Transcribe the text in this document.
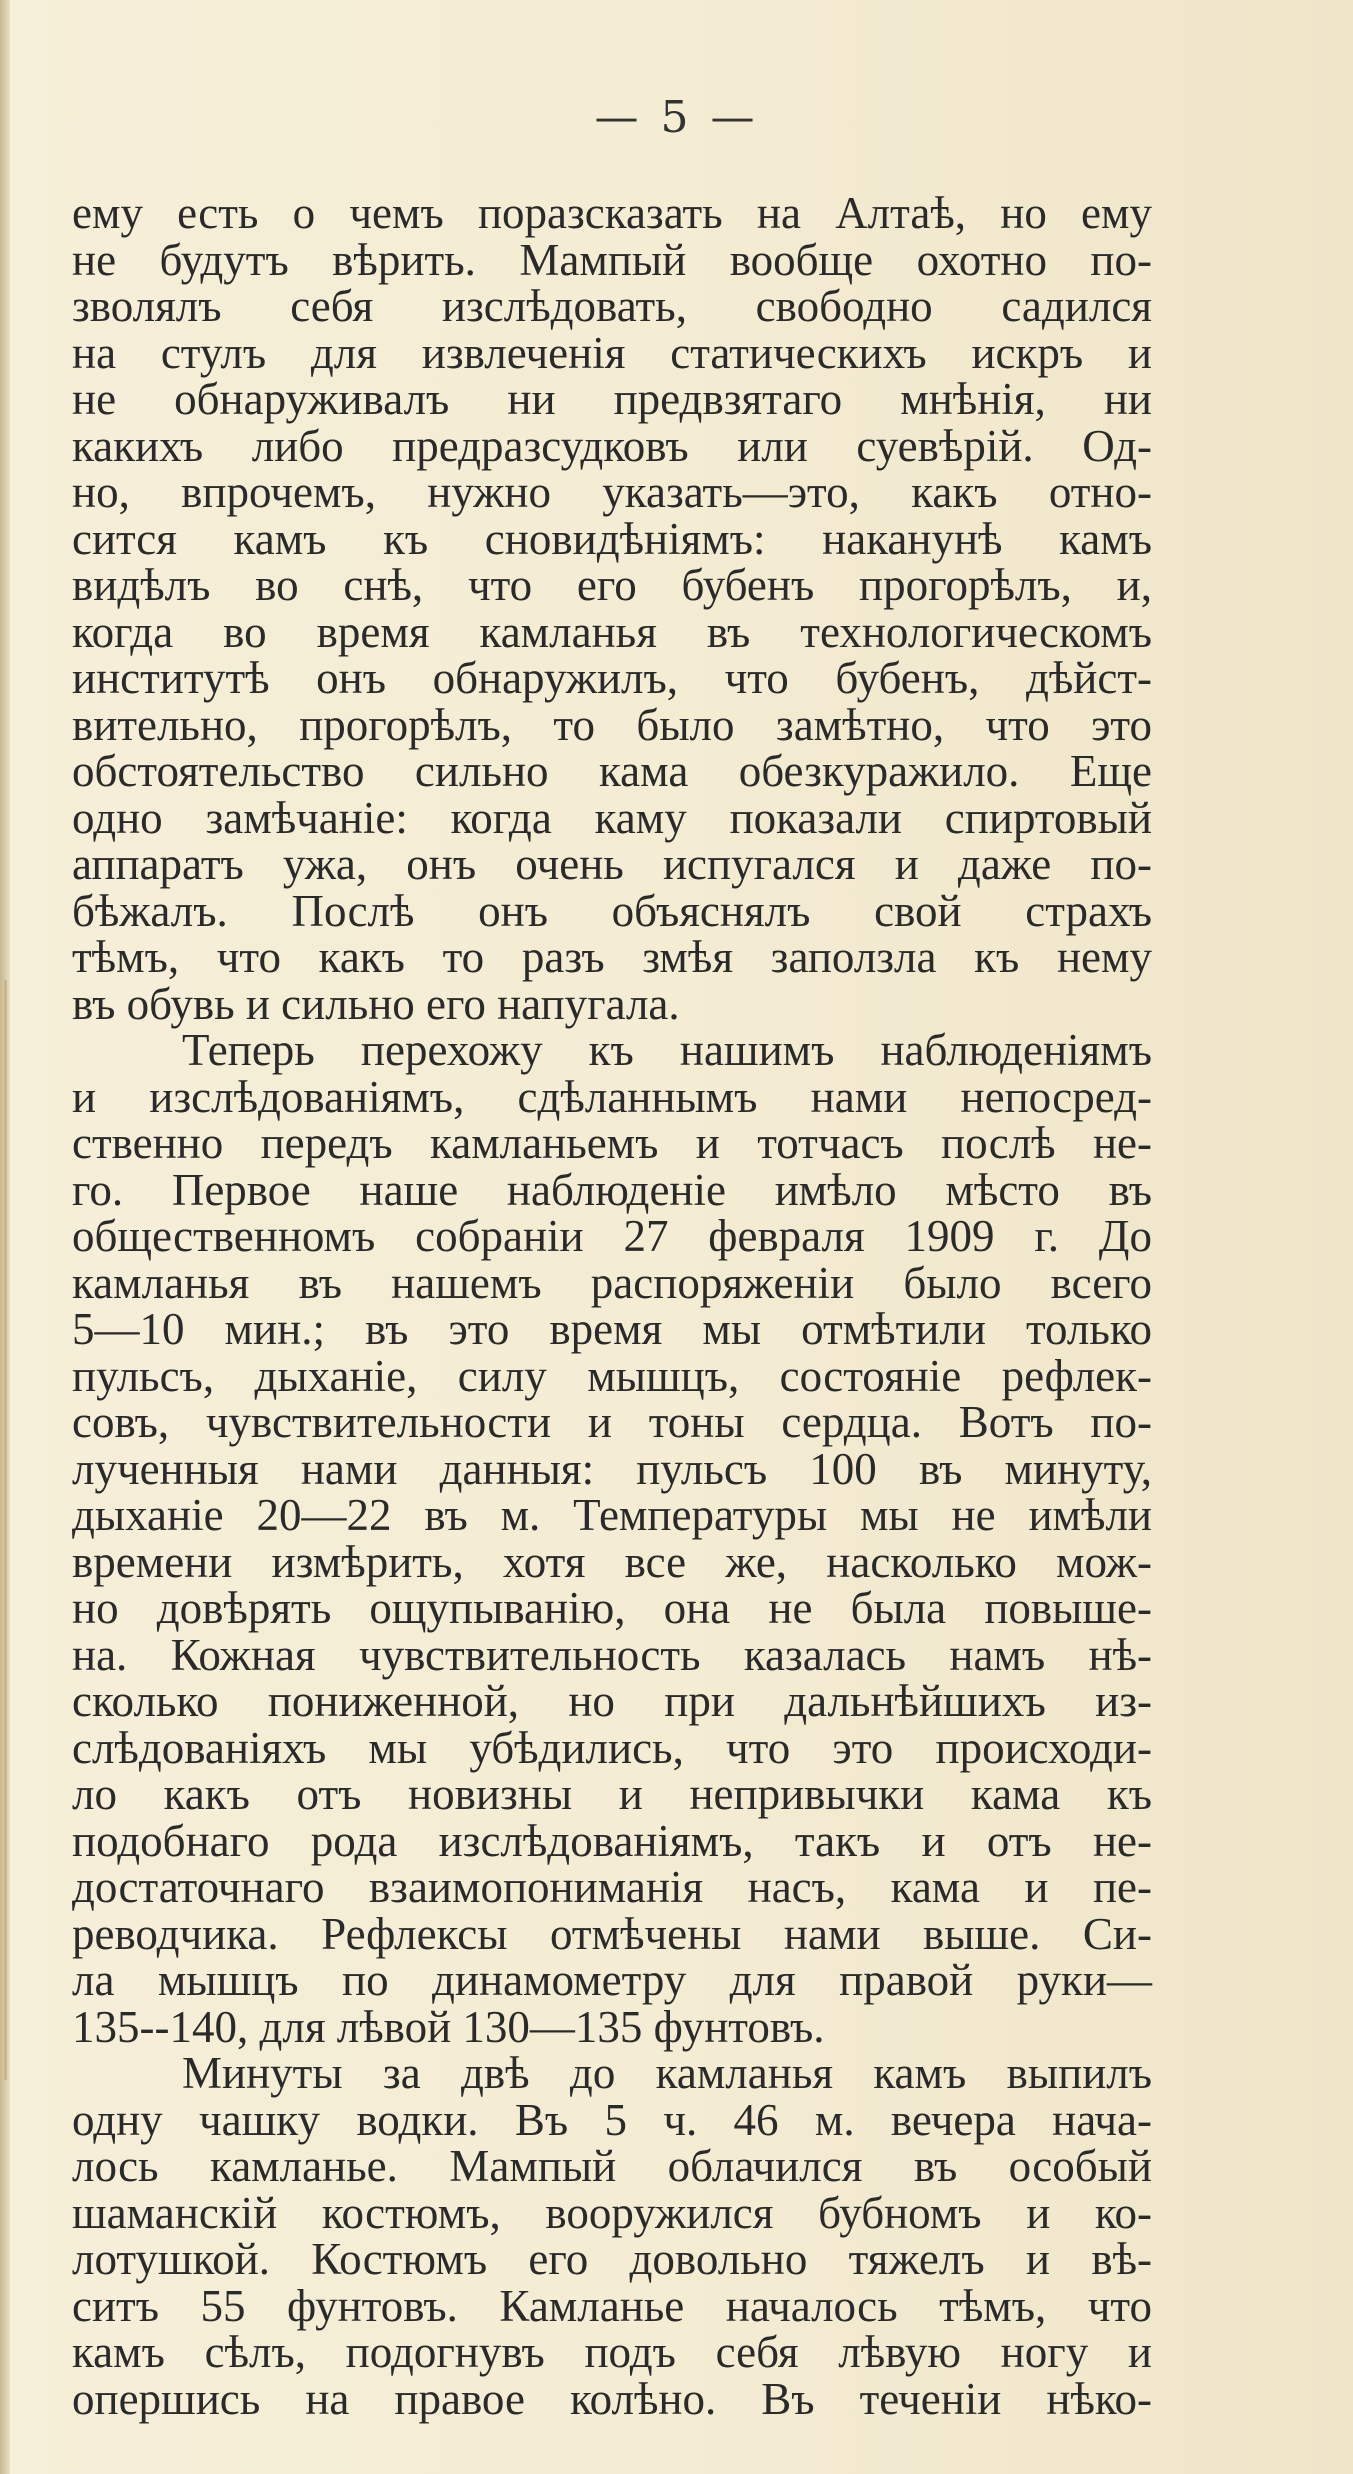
— 5 —
ему есть о чемъ поразсказать на Алтаѣ, но ему
не будутъ вѣрить. Мампый вообще охотно по-
зволялъ себя изслѣдовать, свободно садился
на стулъ для извлеченія статическихъ искръ и
не обнаруживалъ ни предвзятаго мнѣнія, ни
какихъ либо предразсудковъ или суевѣрій. Од-
но, впрочемъ, нужно указать—это, какъ отно-
сится камъ къ сновидѣніямъ: наканунѣ камъ
видѣлъ во снѣ, что его бубенъ прогорѣлъ, и,
когда во время камланья въ технологическомъ
институтѣ онъ обнаружилъ, что бубенъ, дѣйст-
вительно, прогорѣлъ, то было замѣтно, что это
обстоятельство сильно кама обезкуражило. Еще
одно замѣчаніе: когда каму показали спиртовый
аппаратъ ужа, онъ очень испугался и даже по-
бѣжалъ. Послѣ онъ объяснялъ свой страхъ
тѣмъ, что какъ то разъ змѣя заползла къ нему
въ обувь и сильно его напугала.
Теперь перехожу къ нашимъ наблюденіямъ
и изслѣдованіямъ, сдѣланнымъ нами непосред-
ственно передъ камланьемъ и тотчасъ послѣ не-
го. Первое наше наблюденіе имѣло мѣсто въ
общественномъ собраніи 27 февраля 1909 г. До
камланья въ нашемъ распоряженіи было всего
5—10 мин.; въ это время мы отмѣтили только
пульсъ, дыханіе, силу мышцъ, состояніе рефлек-
совъ, чувствительности и тоны сердца. Вотъ по-
лученныя нами данныя: пульсъ 100 въ минуту,
дыханіе 20—22 въ м. Температуры мы не имѣли
времени измѣрить, хотя все же, насколько мож-
но довѣрять ощупыванію, она не была повыше-
на. Кожная чувствительность казалась намъ нѣ-
сколько пониженной, но при дальнѣйшихъ из-
слѣдованіяхъ мы убѣдились, что это происходи-
ло какъ отъ новизны и непривычки кама къ
подобнаго рода изслѣдованіямъ, такъ и отъ не-
достаточнаго взаимопониманія насъ, кама и пе-
реводчика. Рефлексы отмѣчены нами выше. Си-
ла мышцъ по динамометру для правой руки—
135--140, для лѣвой 130—135 фунтовъ.
Минуты за двѣ до камланья камъ выпилъ
одну чашку водки. Въ 5 ч. 46 м. вечера нача-
лось камланье. Мампый облачился въ особый
шаманскій костюмъ, вооружился бубномъ и ко-
лотушкой. Костюмъ его довольно тяжелъ и вѣ-
ситъ 55 фунтовъ. Камланье началось тѣмъ, что
камъ сѣлъ, подогнувъ подъ себя лѣвую ногу и
опершись на правое колѣно. Въ теченіи нѣко-
